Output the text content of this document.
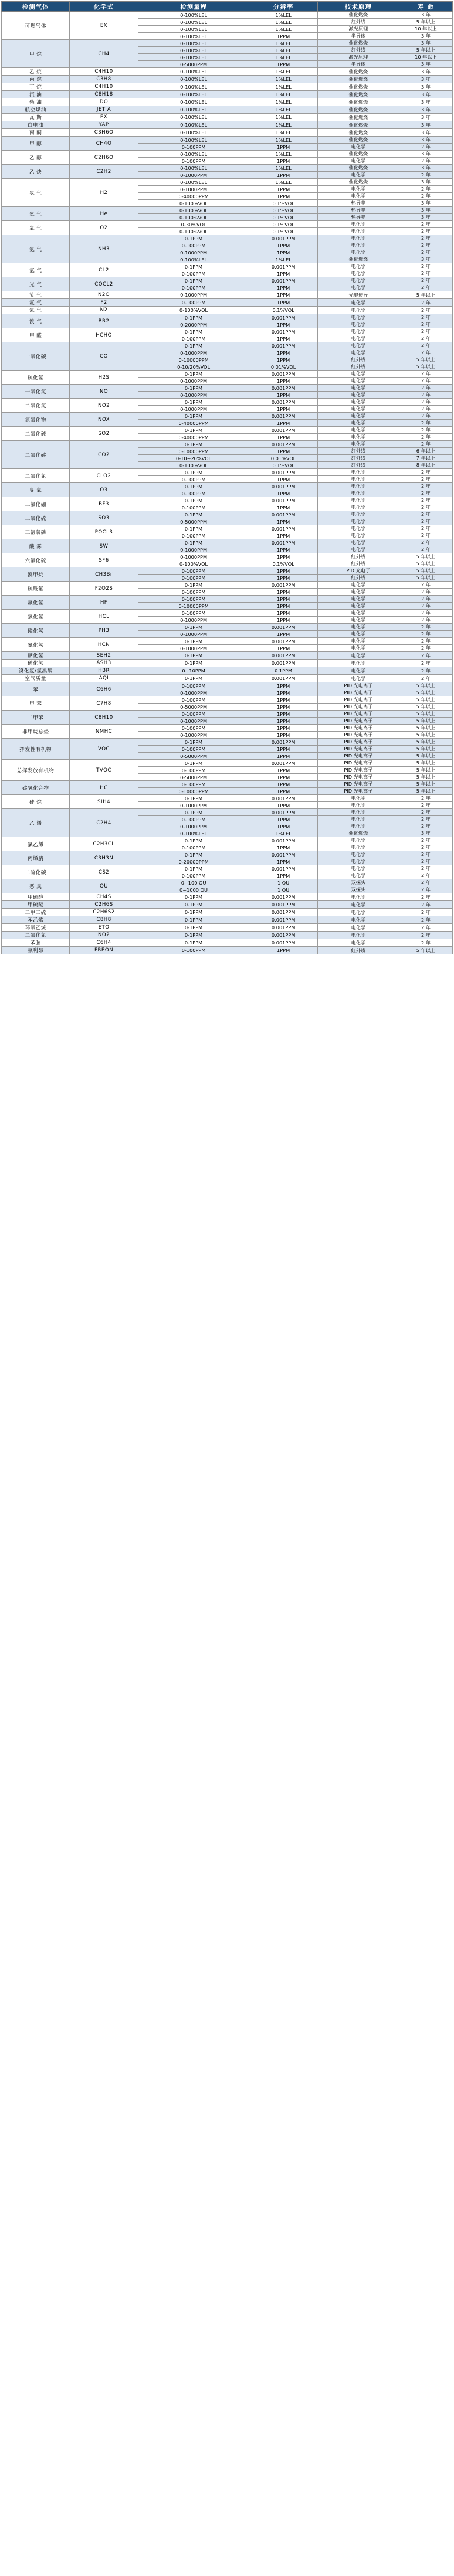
检测气体	化学式	检测量程	分辨率	技术原理	寿 命
可燃气体	EX	0-100%LEL	1%LEL	催化燃烧	3 年
		0-100%LEL	1%LEL	红外线	5 年以上
		0-100%LEL	1%LEL	激光原理	10 年以上
		0-100%LEL	1PPM	半导体	3 年
甲 烷	CH4	0-100%LEL	1%LEL	催化燃烧	3 年
		0-100%LEL	1%LEL	红外线	5 年以上
		0-100%LEL	1%LEL	激光原理	10 年以上
		0-5000PPM	1PPM	半导体	3 年
乙 烷	C4H10	0-100%LEL	1%LEL	催化燃烧	3 年
丙 烷	C3H8	0-100%LEL	1%LEL	催化燃烧	3 年
丁 烷	C4H10	0-100%LEL	1%LEL	催化燃烧	3 年
汽 油	C8H18	0-100%LEL	1%LEL	催化燃烧	3 年
柴 油	DO	0-100%LEL	1%LEL	催化燃烧	3 年
航空煤油	JET A	0-100%LEL	1%LEL	催化燃烧	3 年
瓦 斯	EX	0-100%LEL	1%LEL	催化燃烧	3 年
白电油	YAP	0-100%LEL	1%LEL	催化燃烧	3 年
丙 酮	C3H6O	0-100%LEL	1%LEL	催化燃烧	3 年
甲 醇	CH4O	0-100%LEL	1%LEL	催化燃烧	3 年
		0-100PPM	1PPM	电化学	2 年
乙 醇	C2H6O	0-100%LEL	1%LEL	催化燃烧	3 年
		0-100PPM	1PPM	电化学	2 年
乙 炔	C2H2	0-100%LEL	1%LEL	催化燃烧	3 年
		0-1000PPM	1PPM	电化学	2 年
氢 气	H2	0-100%LEL	1%LEL	催化燃烧	3 年
		0-1000PPM	1PPM	电化学	2 年
		0-40000PPM	1PPM	电化学	2 年
		0-100%VOL	0.1%VOL	热导率	3 年
氦 气	He	0-100%VOL	0.1%VOL	热导率	3 年
		0-100%VOL	0.1%VOL	热导率	3 年
氧 气	O2	0-30%VOL	0.1%VOL	电化学	2 年
		0-100%VOL	0.1%VOL	电化学	2 年
氨 气	NH3	0-1PPM	0.001PPM	电化学	2 年
		0-100PPM	1PPM	电化学	2 年
		0-1000PPM	1PPM	电化学	2 年
		0-100%LEL	1%LEL	催化燃烧	3 年
氯 气	CL2	0-1PPM	0.001PPM	电化学	2 年
		0-100PPM	1PPM	电化学	2 年
光 气	COCL2	0-1PPM	0.001PPM	电化学	2 年
		0-100PPM	1PPM	电化学	2 年
笑 气	N2O	0-1000PPM	1PPM	光聚透导	5 年以上
氟 气	F2	0-100PPM	1PPM	电化学	2 年
氮 气	N2	0-100%VOL	0.1%VOL	电化学	2 年
溴 气	BR2	0-1PPM	0.001PPM	电化学	2 年
		0-2000PPM	1PPM	电化学	2 年
甲 醛	HCHO	0-1PPM	0.001PPM	电化学	2 年
		0-100PPM	1PPM	电化学	2 年
一氧化碳	CO	0-1PPM	0.001PPM	电化学	2 年
		0-1000PPM	1PPM	电化学	2 年
		0-10000PPM	1PPM	红外线	5 年以上
		0-10/20%VOL	0.01%VOL	红外线	5 年以上
硫化氢	H2S	0-1PPM	0.001PPM	电化学	2 年
		0-1000PPM	1PPM	电化学	2 年
一氧化氮	NO	0-1PPM	0.001PPM	电化学	2 年
		0-1000PPM	1PPM	电化学	2 年
二氧化氮	NO2	0-1PPM	0.001PPM	电化学	2 年
		0-1000PPM	1PPM	电化学	2 年
氮氧化物	NOX	0-1PPM	0.001PPM	电化学	2 年
		0-40000PPM	1PPM	电化学	2 年
二氧化硫	SO2	0-1PPM	0.001PPM	电化学	2 年
		0-40000PPM	1PPM	电化学	2 年
二氧化碳	CO2	0-1PPM	0.001PPM	电化学	2 年
		0-10000PPM	1PPM	红外线	6 年以上
		0-10~20%VOL	0.01%VOL	红外线	7 年以上
		0-100%VOL	0.1%VOL	红外线	8 年以上
二氧化氯	CLO2	0-1PPM	0.001PPM	电化学	2 年
		0-100PPM	1PPM	电化学	2 年
臭 氧	O3	0-1PPM	0.001PPM	电化学	2 年
		0-100PPM	1PPM	电化学	2 年
三氟化硼	BF3	0-1PPM	0.001PPM	电化学	2 年
		0-100PPM	1PPM	电化学	2 年
三氧化硫	SO3	0-1PPM	0.001PPM	电化学	2 年
		0-5000PPM	1PPM	电化学	2 年
三氯氧磷	POCL3	0-1PPM	0.001PPM	电化学	2 年
		0-100PPM	1PPM	电化学	2 年
酸 雾	SW	0-1PPM	0.001PPM	电化学	2 年
		0-1000PPM	1PPM	电化学	2 年
六氟化硫	SF6	0-1000PPM	1PPM	红外线	5 年以上
		0-100%VOL	0.1%VOL	红外线	5 年以上
溴甲烷	CH3Br	0-100PPM	1PPM	PID 光电子	5 年以上
		0-100PPM	1PPM	红外线	5 年以上
硫酰氟	F2O2S	0-1PPM	0.001PPM	电化学	2 年
		0-100PPM	1PPM	电化学	2 年
氟化氢	HF	0-100PPM	1PPM	电化学	2 年
		0-10000PPM	1PPM	电化学	2 年
氯化氢	HCL	0-100PPM	1PPM	电化学	2 年
		0-1000PPM	1PPM	电化学	2 年
磷化氢	PH3	0-1PPM	0.001PPM	电化学	2 年
		0-1000PPM	1PPM	电化学	2 年
氰化氢	HCN	0-1PPM	0.001PPM	电化学	2 年
		0-1000PPM	1PPM	电化学	2 年
硒化氢	SEH2	0-1PPM	0.001PPM	电化学	2 年
砷化氢	ASH3	0-1PPM	0.001PPM	电化学	2 年
溴化氢/氢溴酸	HBR	0~10PPM	0.1PPM	电化学	2 年
空气质量	AQI	0-1PPM	0.001PPM	电化学	2 年
苯	C6H6	0-100PPM	1PPM	PID 光电离子	5 年以上
		0-1000PPM	1PPM	PID 光电离子	5 年以上
甲 苯	C7H8	0-100PPM	1PPM	PID 光电离子	5 年以上
		0-5000PPM	1PPM	PID 光电离子	5 年以上
二甲苯	C8H10	0-100PPM	1PPM	PID 光电离子	5 年以上
		0-1000PPM	1PPM	PID 光电离子	5 年以上
非甲烷总烃	NMHC	0-100PPM	1PPM	PID 光电离子	5 年以上
		0-1000PPM	1PPM	PID 光电离子	5 年以上
挥发性有机物	VOC	0-1PPM	0.001PPM	PID 光电离子	5 年以上
		0-100PPM	1PPM	PID 光电离子	5 年以上
		0-5000PPM	1PPM	PID 光电离子	5 年以上
总挥发放有机物	TVOC	0-1PPM	0.001PPM	PID 光电离子	5 年以上
		0-100PPM	1PPM	PID 光电离子	5 年以上
		0-5000PPM	1PPM	PID 光电离子	5 年以上
碳氢化合物	HC	0-100PPM	1PPM	PID 光电离子	5 年以上
		0-10000PPM	1PPM	PID 光电离子	5 年以上
硅 烷	SIH4	0-1PPM	0.001PPM	电化学	2 年
		0-1000PPM	1PPM	电化学	2 年
乙 烯	C2H4	0-1PPM	0.001PPM	电化学	2 年
		0-100PPM	1PPM	电化学	2 年
		0-1000PPM	1PPM	电化学	2 年
		0-100%LEL	1%LEL	催化燃烧	3 年
氯乙烯	C2H3CL	0-1PPM	0.001PPM	电化学	2 年
		0-100PPM	1PPM	电化学	2 年
丙烯腈	C3H3N	0-1PPM	0.001PPM	电化学	2 年
		0-20000PPM	1PPM	电化学	2 年
二硫化碳	CS2	0-1PPM	0.001PPM	电化学	2 年
		0-100PPM	1PPM	电化学	2 年
恶 臭	OU	0~100 OU	1 OU	双探头	2 年
		0~1000 OU	1 OU	双探头	2 年
甲硫醇	CH4S	0-1PPM	0.001PPM	电化学	2 年
甲硫醚	C2H6S	0-1PPM	0.001PPM	电化学	2 年
二甲二硫	C2H6S2	0-1PPM	0.001PPM	电化学	2 年
苯乙烯	C8H8	0-1PPM	0.001PPM	电化学	2 年
环氧乙烷	ETO	0-1PPM	0.001PPM	电化学	2 年
二氧化氮	NO2	0-1PPM	0.001PPM	电化学	2 年
苯胺	C6H4	0-1PPM	0.001PPM	电化学	2 年
氟利昂	FREON	0-100PPM	1PPM	红外线	5 年以上
